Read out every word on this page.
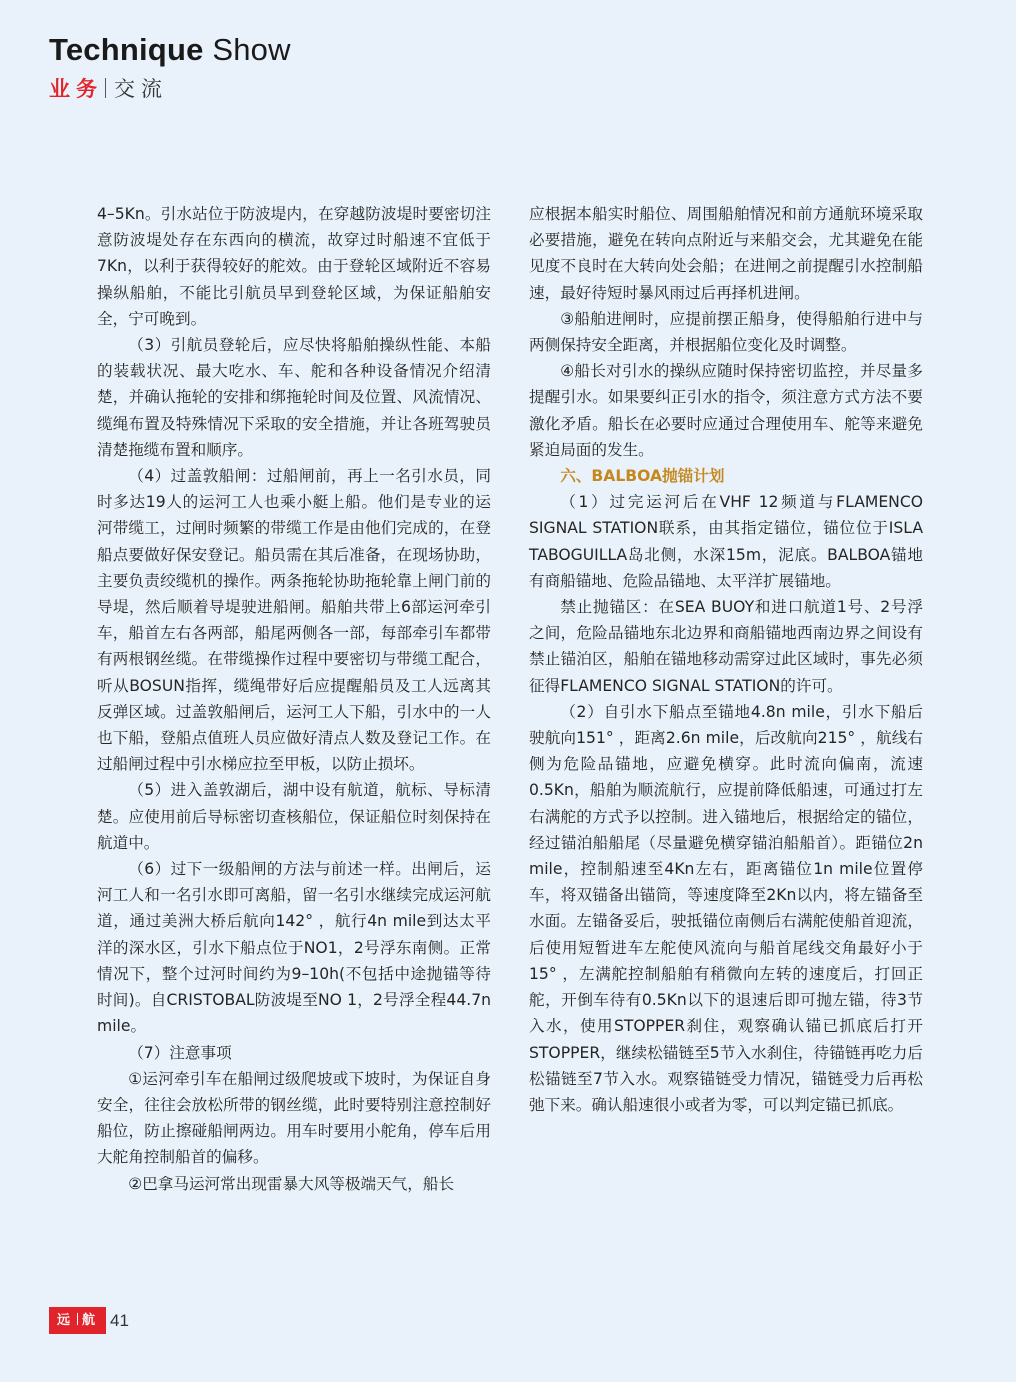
Technique Show
业务 交流

4–5Kn。引水站位于防波堤内，在穿越防波堤时要密切注意防波堤处存在东西向的横流，故穿过时船速不宜低于7Kn，以利于获得较好的舵效。由于登轮区域附近不容易操纵船舶，不能比引航员早到登轮区域，为保证船舶安全，宁可晚到。

（3）引航员登轮后，应尽快将船舶操纵性能、本船的装载状况、最大吃水、车、舵和各种设备情况介绍清楚，并确认拖轮的安排和绑拖轮时间及位置、风流情况、缆绳布置及特殊情况下采取的安全措施，并让各班驾驶员清楚拖缆布置和顺序。

（4）过盖敦船闸：过船闸前，再上一名引水员，同时多达19人的运河工人也乘小艇上船。他们是专业的运河带缆工，过闸时频繁的带缆工作是由他们完成的，在登船点要做好保安登记。船员需在其后准备，在现场协助，主要负责绞缆机的操作。两条拖轮协助拖轮靠上闸门前的导堤，然后顺着导堤驶进船闸。船舶共带上6部运河牵引车，船首左右各两部，船尾两侧各一部，每部牵引车都带有两根钢丝缆。在带缆操作过程中要密切与带缆工配合，听从BOSUN指挥，缆绳带好后应提醒船员及工人远离其反弹区域。过盖敦船闸后，运河工人下船，引水中的一人也下船，登船点值班人员应做好清点人数及登记工作。在过船闸过程中引水梯应拉至甲板，以防止损坏。

（5）进入盖敦湖后，湖中设有航道，航标、导标清楚。应使用前后导标密切查核船位，保证船位时刻保持在航道中。

（6）过下一级船闸的方法与前述一样。出闸后，运河工人和一名引水即可离船，留一名引水继续完成运河航道，通过美洲大桥后航向142° ，航行4n mile到达太平洋的深水区，引水下船点位于NO1，2号浮东南侧。正常情况下，整个过河时间约为9–10h(不包括中途抛锚等待时间)。自CRISTOBAL防波堤至NO 1，2号浮全程44.7n mile。

（7）注意事项

①运河牵引车在船闸过级爬坡或下坡时，为保证自身安全，往往会放松所带的钢丝缆，此时要特别注意控制好船位，防止擦碰船闸两边。用车时要用小舵角，停车后用大舵角控制船首的偏移。

②巴拿马运河常出现雷暴大风等极端天气，船长

应根据本船实时船位、周围船舶情况和前方通航环境采取必要措施，避免在转向点附近与来船交会，尤其避免在能见度不良时在大转向处会船；在进闸之前提醒引水控制船速，最好待短时暴风雨过后再择机进闸。

③船舶进闸时，应提前摆正船身，使得船舶行进中与两侧保持安全距离，并根据船位变化及时调整。

④船长对引水的操纵应随时保持密切监控，并尽量多提醒引水。如果要纠正引水的指令，须注意方式方法不要激化矛盾。船长在必要时应通过合理使用车、舵等来避免紧迫局面的发生。

六、BALBOA抛锚计划

（1）过完运河后在VHF 12频道与FLAMENCO SIGNAL STATION联系，由其指定锚位，锚位位于ISLA TABOGUILLA岛北侧，水深15m，泥底。BALBOA锚地有商船锚地、危险品锚地、太平洋扩展锚地。

禁止抛锚区：在SEA BUOY和进口航道1号、2号浮之间，危险品锚地东北边界和商船锚地西南边界之间设有禁止锚泊区，船舶在锚地移动需穿过此区域时，事先必须征得FLAMENCO SIGNAL STATION的许可。

（2）自引水下船点至锚地4.8n mile，引水下船后驶航向151° ，距离2.6n mile，后改航向215° ，航线右侧为危险品锚地，应避免横穿。此时流向偏南，流速0.5Kn，船舶为顺流航行，应提前降低船速，可通过打左右满舵的方式予以控制。进入锚地后，根据给定的锚位，经过锚泊船船尾（尽量避免横穿锚泊船船首）。距锚位2n mile，控制船速至4Kn左右，距离锚位1n mile位置停车，将双锚备出锚筒，等速度降至2Kn以内，将左锚备至水面。左锚备妥后，驶抵锚位南侧后右满舵使船首迎流，后使用短暂进车左舵使风流向与船首尾线交角最好小于15° ，左满舵控制船舶有稍微向左转的速度后，打回正舵，开倒车待有0.5Kn以下的退速后即可抛左锚，待3节入水，使用STOPPER刹住，观察确认锚已抓底后打开STOPPER，继续松锚链至5节入水刹住，待锚链再吃力后松锚链至7节入水。观察锚链受力情况，锚链受力后再松弛下来。确认船速很小或者为零，可以判定锚已抓底。

远 航 41
